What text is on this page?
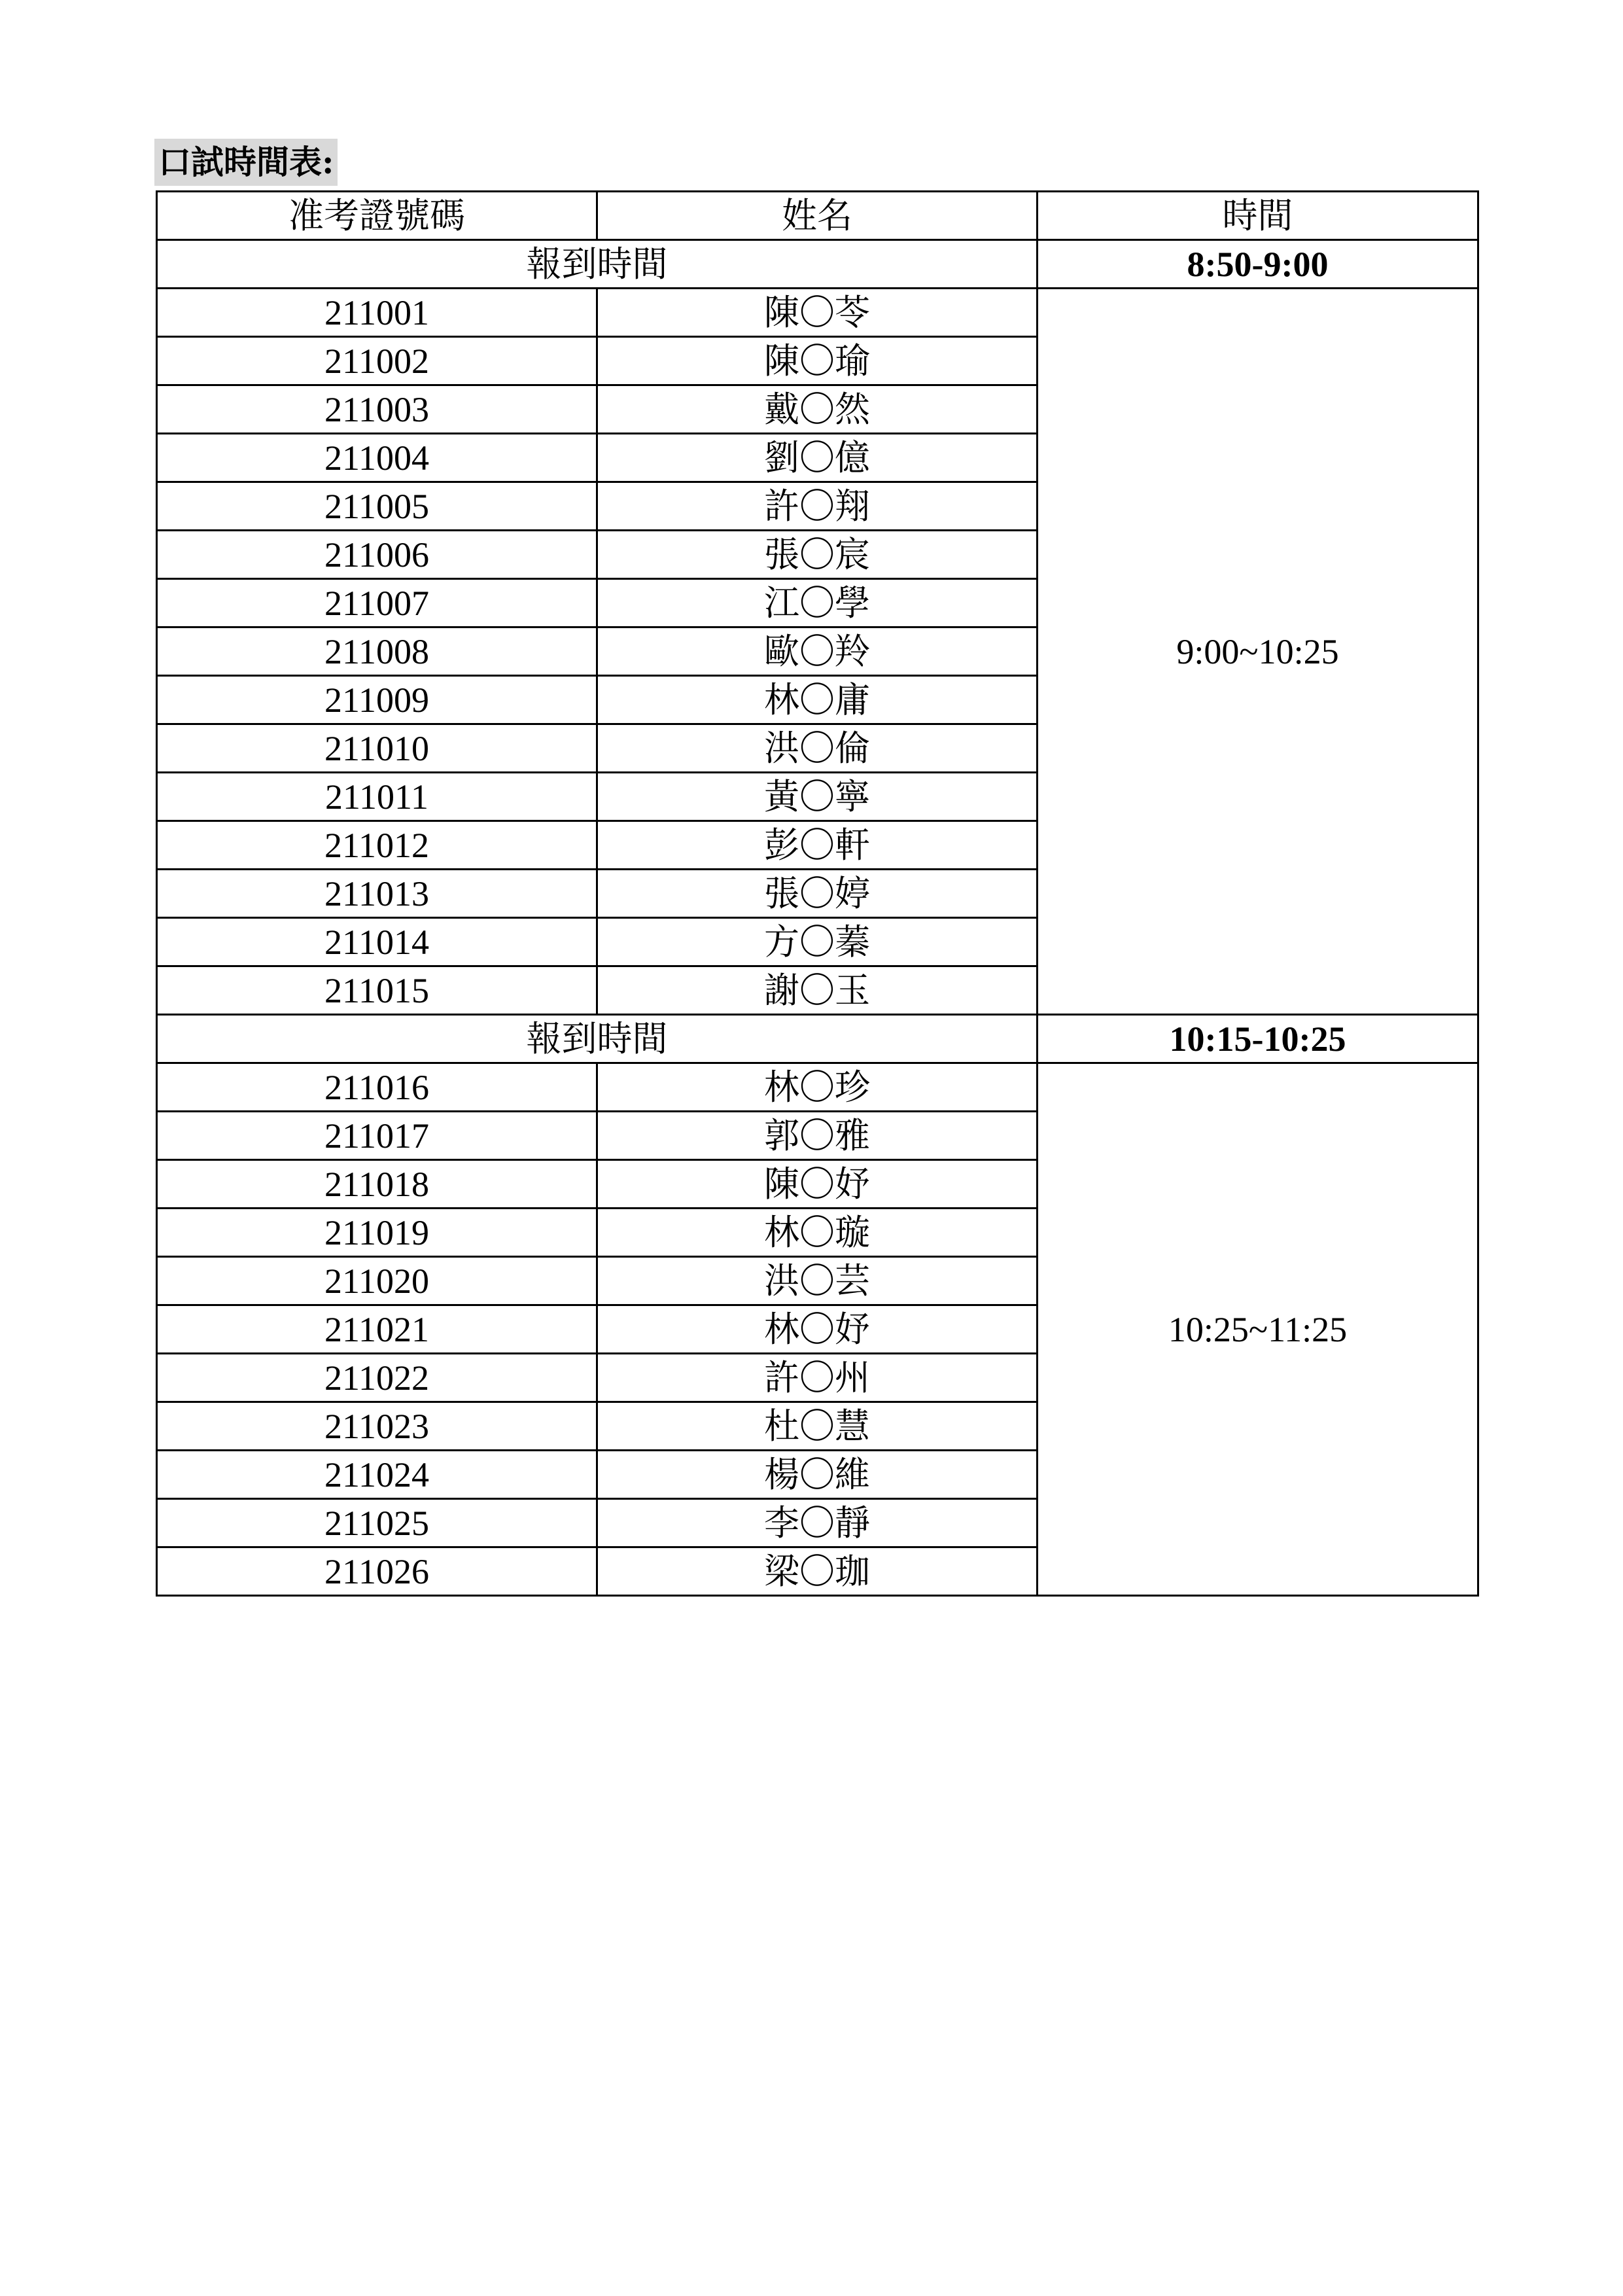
口試時間表:
准考證號碼	姓名	時間
報到時間		8:50-9:00
211001	陳〇苓	9:00~10:25
211002	陳〇瑜	
211003	戴〇然	
211004	劉〇億	
211005	許〇翔	
211006	張〇宸	
211007	江〇學	
211008	歐〇羚	
211009	林〇庸	
211010	洪〇倫	
211011	黃〇寧	
211012	彭〇軒	
211013	張〇婷	
211014	方〇蓁	
211015	謝〇玉	
報到時間		10:15-10:25
211016	林〇珍	10:25~11:25
211017	郭〇雅	
211018	陳〇妤	
211019	林〇璇	
211020	洪〇芸	
211021	林〇妤	
211022	許〇州	
211023	杜〇慧	
211024	楊〇維	
211025	李〇靜	
211026	梁〇珈	
